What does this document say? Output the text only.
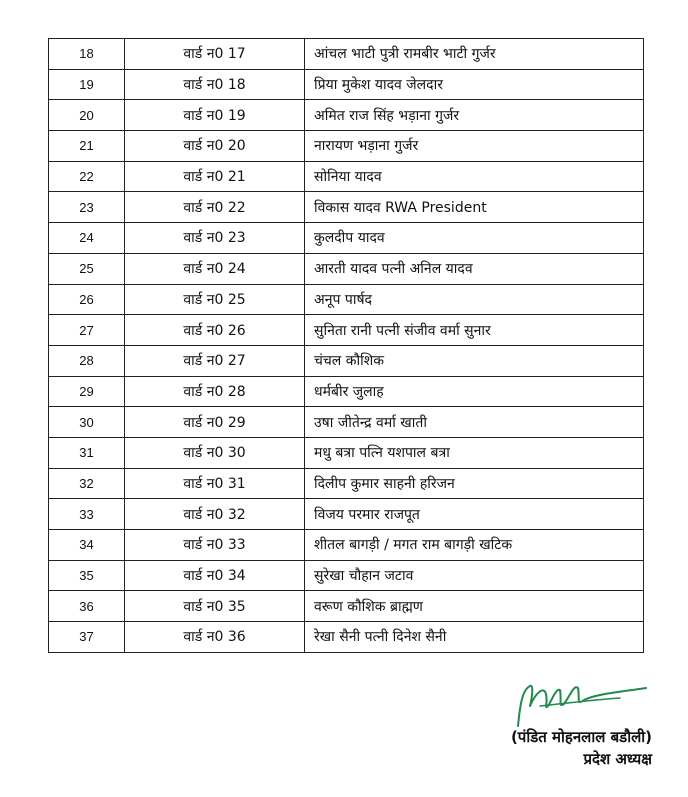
18	वार्ड न0 17	आंचल भाटी पुत्री रामबीर भाटी गुर्जर
19	वार्ड न0 18	प्रिया मुकेश यादव जेलदार
20	वार्ड न0 19	अमित राज सिंह भड़ाना गुर्जर
21	वार्ड न0 20	नारायण भड़ाना गुर्जर
22	वार्ड न0 21	सोनिया यादव
23	वार्ड न0 22	विकास यादव RWA President
24	वार्ड न0 23	कुलदीप यादव
25	वार्ड न0 24	आरती यादव पत्नी अनिल यादव
26	वार्ड न0 25	अनूप पार्षद
27	वार्ड न0 26	सुनिता रानी पत्नी संजीव वर्मा सुनार
28	वार्ड न0 27	चंचल कौशिक
29	वार्ड न0 28	धर्मबीर जुलाह
30	वार्ड न0 29	उषा जीतेन्द्र वर्मा खाती
31	वार्ड न0 30	मधु बत्रा पत्नि यशपाल बत्रा
32	वार्ड न0 31	दिलीप कुमार साहनी हरिजन
33	वार्ड न0 32	विजय परमार राजपूत
34	वार्ड न0 33	शीतल बागड़ी / मगत राम बागड़ी खटिक
35	वार्ड न0 34	सुरेखा चौहान जटाव
36	वार्ड न0 35	वरूण कौशिक ब्राह्मण
37	वार्ड न0 36	रेखा सैनी पत्नी दिनेश सैनी
(पंडित मोहनलाल बडौली)
प्रदेश अध्यक्ष
